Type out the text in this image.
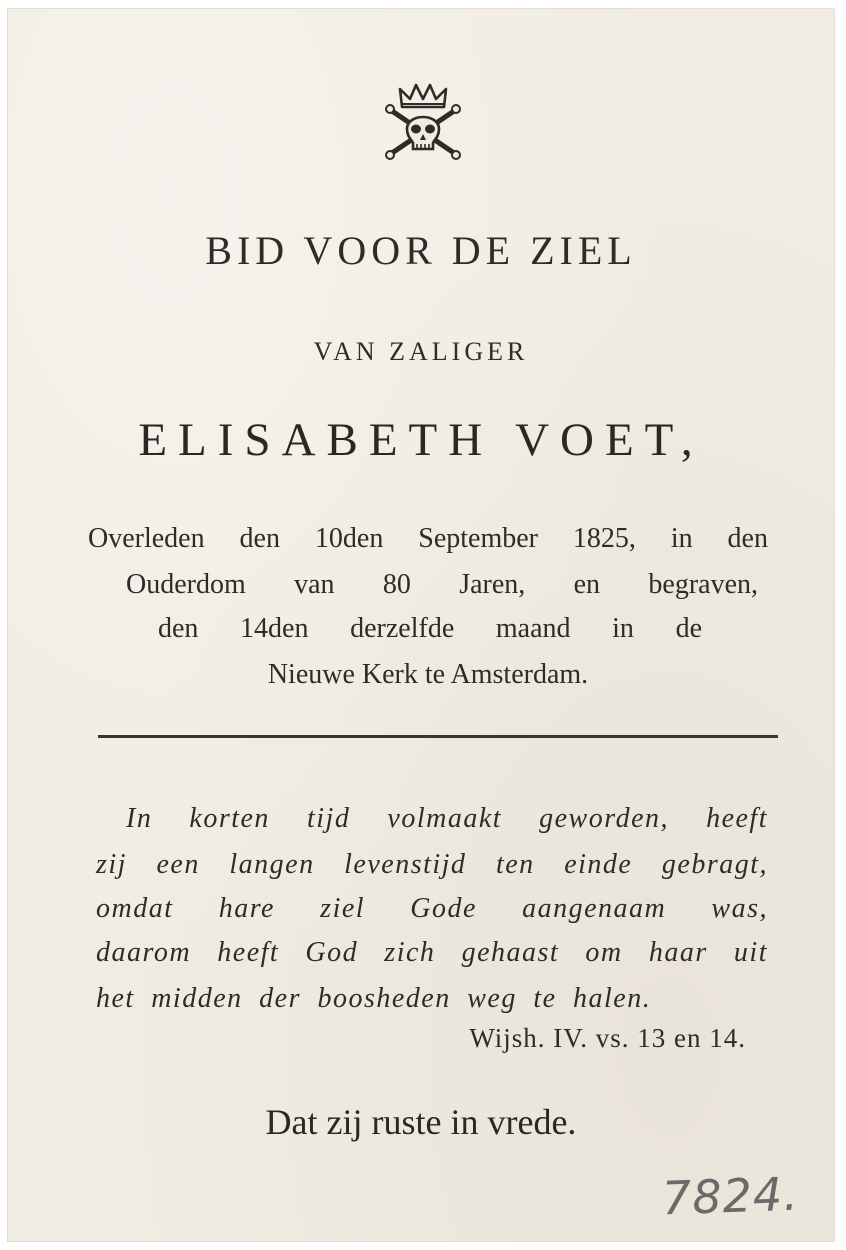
BID VOOR DE ZIEL

VAN ZALIGER

ELISABETH VOET,

Overleden den 10den September 1825, in den

Ouderdom van 80 Jaren, en begraven,

den 14den derzelfde maand in de

Nieuwe Kerk te Amsterdam.

In korten tijd volmaakt geworden, heeft

zij een langen levenstijd ten einde gebragt,

omdat hare ziel Gode aangenaam was,

daarom heeft God zich gehaast om haar uit

het midden der boosheden weg te halen.

Wijsh. IV. vs. 13 en 14.

Dat zij ruste in vrede.

7824.
